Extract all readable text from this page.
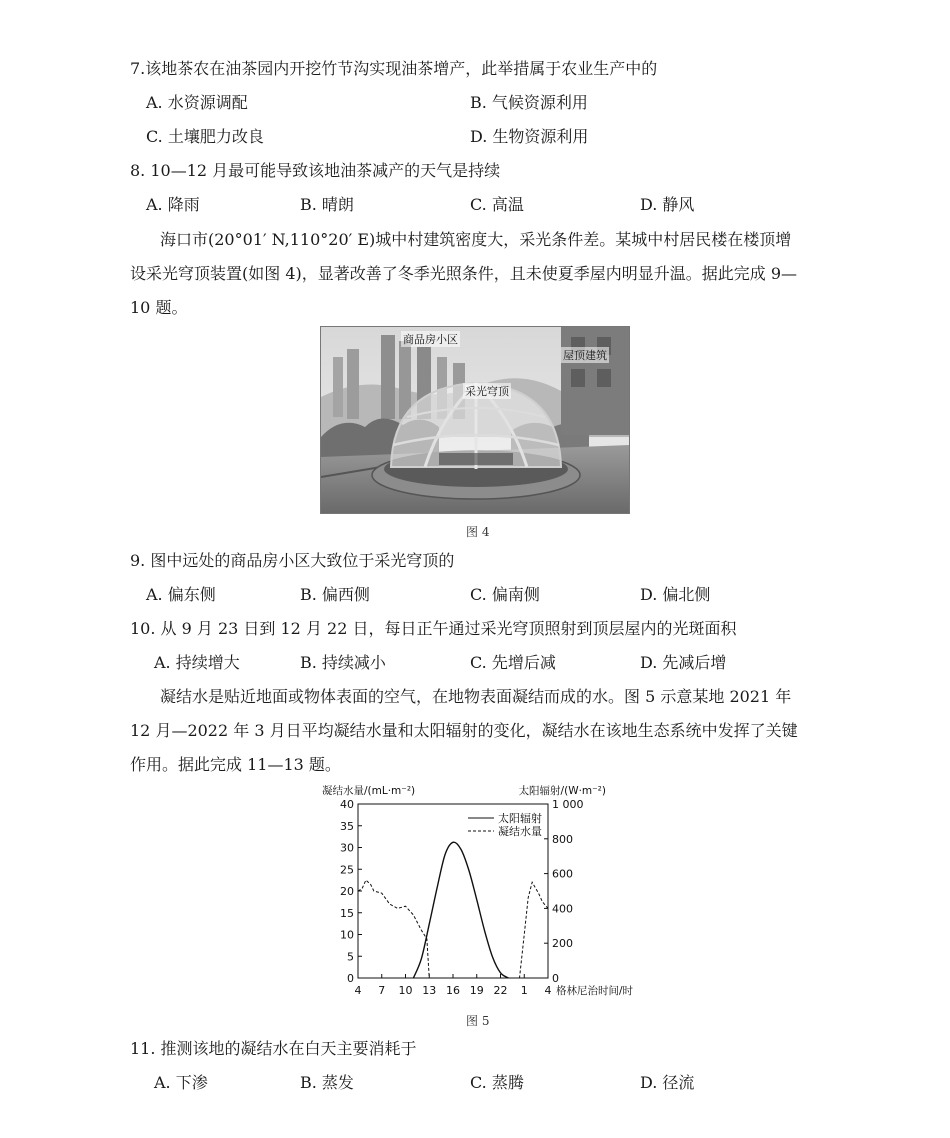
7.该地茶农在油茶园内开挖竹节沟实现油茶增产，此举措属于农业生产中的
A. 水资源调配	B. 气候资源利用
C. 土壤肥力改良	D. 生物资源利用
8. 10—12 月最可能导致该地油茶减产的天气是持续
A. 降雨	B. 晴朗	C. 高温	D. 静风
海口市(20°01′ N,110°20′ E)城中村建筑密度大，采光条件差。某城中村居民楼在楼顶增
设采光穹顶装置(如图 4)，显著改善了冬季光照条件，且未使夏季屋内明显升温。据此完成 9—
10 题。
商品房小区
屋顶建筑
采光穹顶
图 4
9. 图中远处的商品房小区大致位于采光穹顶的
A. 偏东侧	B. 偏西侧	C. 偏南侧	D. 偏北侧
10. 从 9 月 23 日到 12 月 22 日，每日正午通过采光穹顶照射到顶层屋内的光斑面积
A. 持续增大	B. 持续减小	C. 先增后减	D. 先减后增
凝结水是贴近地面或物体表面的空气，在地物表面凝结而成的水。图 5 示意某地 2021 年
12 月—2022 年 3 月日平均凝结水量和太阳辐射的变化，凝结水在该地生态系统中发挥了关键
作用。据此完成 11—13 题。
凝结水量/(mL·m⁻²)	太阳辐射/(W·m⁻²)
0
5
10
15
20
25
30
35
40
0
200
400
600
800
1 000
4 7 10 13 16 19 22 1 4
太阳辐射
凝结水量
格林尼治时间/时
图 5
11. 推测该地的凝结水在白天主要消耗于
A. 下渗	B. 蒸发	C. 蒸腾	D. 径流
